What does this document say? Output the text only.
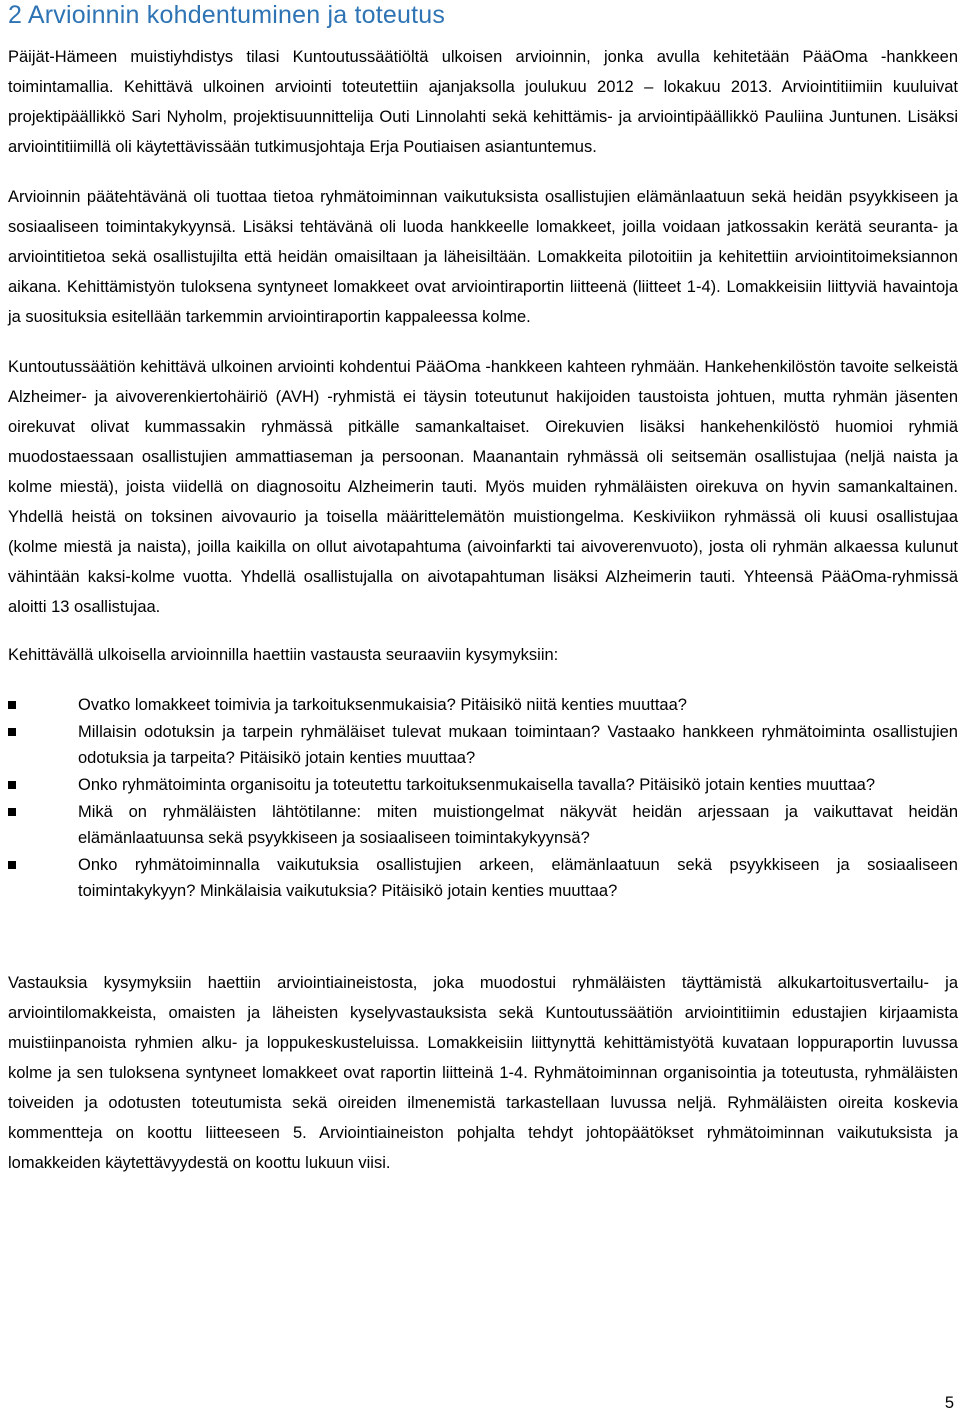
2 Arvioinnin kohdentuminen ja toteutus

Päijät-Hämeen muistiyhdistys tilasi Kuntoutussäätiöltä ulkoisen arvioinnin, jonka avulla kehitetään PääOma -hankkeen toimintamallia. Kehittävä ulkoinen arviointi toteutettiin ajanjaksolla joulukuu 2012 – lokakuu 2013. Arviointitiimiin kuuluivat projektipäällikkö Sari Nyholm, projektisuunnittelija Outi Linnolahti sekä kehittämis- ja arviointipäällikkö Pauliina Juntunen. Lisäksi arviointitiimillä oli käytettävissään tutkimusjohtaja Erja Poutiaisen asiantuntemus.

Arvioinnin päätehtävänä oli tuottaa tietoa ryhmätoiminnan vaikutuksista osallistujien elämänlaatuun sekä heidän psyykkiseen ja sosiaaliseen toimintakykyynsä. Lisäksi tehtävänä oli luoda hankkeelle lomakkeet, joilla voidaan jatkossakin kerätä seuranta- ja arviointitietoa sekä osallistujilta että heidän omaisiltaan ja läheisiltään. Lomakkeita pilotoitiin ja kehitettiin arviointitoimeksiannon aikana. Kehittämistyön tuloksena syntyneet lomakkeet ovat arviointiraportin liitteenä (liitteet 1-4). Lomakkeisiin liittyviä havaintoja ja suosituksia esitellään tarkemmin arviointiraportin kappaleessa kolme.

Kuntoutussäätiön kehittävä ulkoinen arviointi kohdentui PääOma -hankkeen kahteen ryhmään. Hankehenkilöstön tavoite selkeistä Alzheimer- ja aivoverenkiertohäiriö (AVH) -ryhmistä ei täysin toteutunut hakijoiden taustoista johtuen, mutta ryhmän jäsenten oirekuvat olivat kummassakin ryhmässä pitkälle samankaltaiset. Oirekuvien lisäksi hankehenkilöstö huomioi ryhmiä muodostaessaan osallistujien ammattiaseman ja persoonan. Maanantain ryhmässä oli seitsemän osallistujaa (neljä naista ja kolme miestä), joista viidellä on diagnosoitu Alzheimerin tauti. Myös muiden ryhmäläisten oirekuva on hyvin samankaltainen. Yhdellä heistä on toksinen aivovaurio ja toisella määrittelemätön muistiongelma. Keskiviikon ryhmässä oli kuusi osallistujaa (kolme miestä ja naista), joilla kaikilla on ollut aivotapahtuma (aivoinfarkti tai aivoverenvuoto), josta oli ryhmän alkaessa kulunut vähintään kaksi-kolme vuotta. Yhdellä osallistujalla on aivotapahtuman lisäksi Alzheimerin tauti. Yhteensä PääOma-ryhmissä aloitti 13 osallistujaa.

Kehittävällä ulkoisella arvioinnilla haettiin vastausta seuraaviin kysymyksiin:

Ovatko lomakkeet toimivia ja tarkoituksenmukaisia? Pitäisikö niitä kenties muuttaa?
Millaisin odotuksin ja tarpein ryhmäläiset tulevat mukaan toimintaan? Vastaako hankkeen ryhmätoiminta osallistujien odotuksia ja tarpeita? Pitäisikö jotain kenties muuttaa?
Onko ryhmätoiminta organisoitu ja toteutettu tarkoituksenmukaisella tavalla? Pitäisikö jotain kenties muuttaa?
Mikä on ryhmäläisten lähtötilanne: miten muistiongelmat näkyvät heidän arjessaan ja vaikuttavat heidän elämänlaatuunsa sekä psyykkiseen ja sosiaaliseen toimintakykyynsä?
Onko ryhmätoiminnalla vaikutuksia osallistujien arkeen, elämänlaatuun sekä psyykkiseen ja sosiaaliseen toimintakykyyn? Minkälaisia vaikutuksia? Pitäisikö jotain kenties muuttaa?

Vastauksia kysymyksiin haettiin arviointiaineistosta, joka muodostui ryhmäläisten täyttämistä alkukartoitusvertailu- ja arviointilomakkeista, omaisten ja läheisten kyselyvastauksista sekä Kuntoutussäätiön arviointitiimin edustajien kirjaamista muistiinpanoista ryhmien alku- ja loppukeskusteluissa. Lomakkeisiin liittynyttä kehittämistyötä kuvataan loppuraportin luvussa kolme ja sen tuloksena syntyneet lomakkeet ovat raportin liitteinä 1-4. Ryhmätoiminnan organisointia ja toteutusta, ryhmäläisten toiveiden ja odotusten toteutumista sekä oireiden ilmenemistä tarkastellaan luvussa neljä. Ryhmäläisten oireita koskevia kommentteja on koottu liitteeseen 5. Arviointiaineiston pohjalta tehdyt johtopäätökset ryhmätoiminnan vaikutuksista ja lomakkeiden käytettävyydestä on koottu lukuun viisi.

5
